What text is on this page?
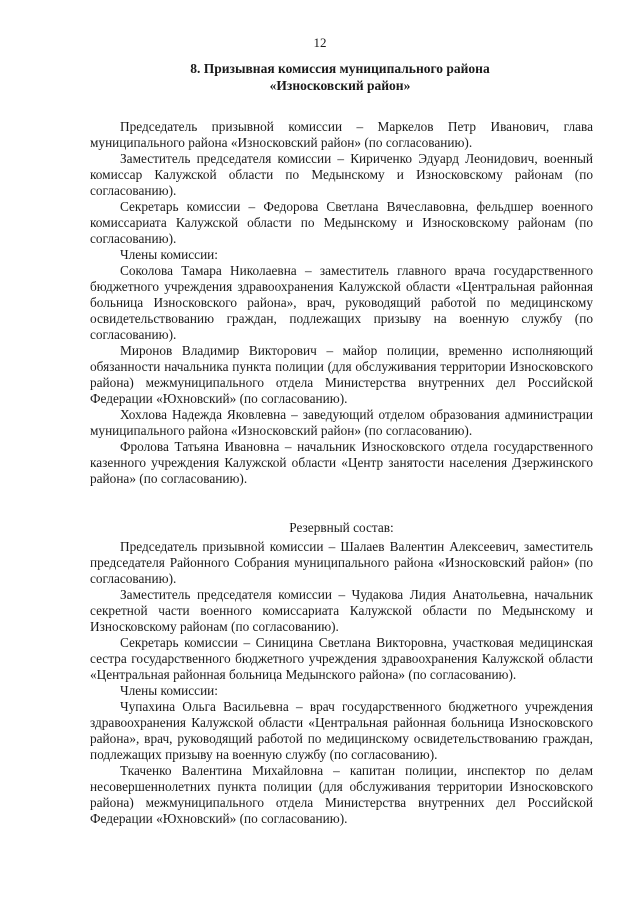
12
8. Призывная комиссия муниципального района
«Износковский район»

Председатель призывной комиссии – Маркелов Петр Иванович, глава муниципального района «Износковский район» (по согласованию).

Заместитель председателя комиссии – Кириченко Эдуард Леонидович, военный комиссар Калужской области по Медынскому и Износковскому районам (по согласованию).

Секретарь комиссии – Федорова Светлана Вячеславовна, фельдшер военного комиссариата Калужской области по Медынскому и Износковскому районам (по согласованию).

Члены комиссии:

Соколова Тамара Николаевна – заместитель главного врача государственного бюджетного учреждения здравоохранения Калужской области «Центральная районная больница Износковского района», врач, руководящий работой по медицинскому освидетельствованию граждан, подлежащих призыву на военную службу (по согласованию).

Миронов Владимир Викторович – майор полиции, временно исполняющий обязанности начальника пункта полиции (для обслуживания территории Износковского района) межмуниципального отдела Министерства внутренних дел Российской Федерации «Юхновский» (по согласованию).

Хохлова Надежда Яковлевна – заведующий отделом образования администрации муниципального района «Износковский район» (по согласованию).

Фролова Татьяна Ивановна – начальник Износковского отдела государственного казенного учреждения Калужской области «Центр занятости населения Дзержинского района» (по согласованию).

Резервный состав:

Председатель призывной комиссии – Шалаев Валентин Алексеевич, заместитель председателя Районного Собрания муниципального района «Износковский район» (по согласованию).

Заместитель председателя комиссии – Чудакова Лидия Анатольевна, начальник секретной части военного комиссариата Калужской области по Медынскому и Износковскому районам (по согласованию).

Секретарь комиссии – Синицина Светлана Викторовна, участковая медицинская сестра государственного бюджетного учреждения здравоохранения Калужской области «Центральная районная больница Медынского района» (по согласованию).

Члены комиссии:

Чупахина Ольга Васильевна – врач государственного бюджетного учреждения здравоохранения Калужской области «Центральная районная больница Износковского района», врач, руководящий работой по медицинскому освидетельствованию граждан, подлежащих призыву на военную службу (по согласованию).

Ткаченко Валентина Михайловна – капитан полиции, инспектор по делам несовершеннолетних пункта полиции (для обслуживания территории Износковского района) межмуниципального отдела Министерства внутренних дел Российской Федерации «Юхновский» (по согласованию).
